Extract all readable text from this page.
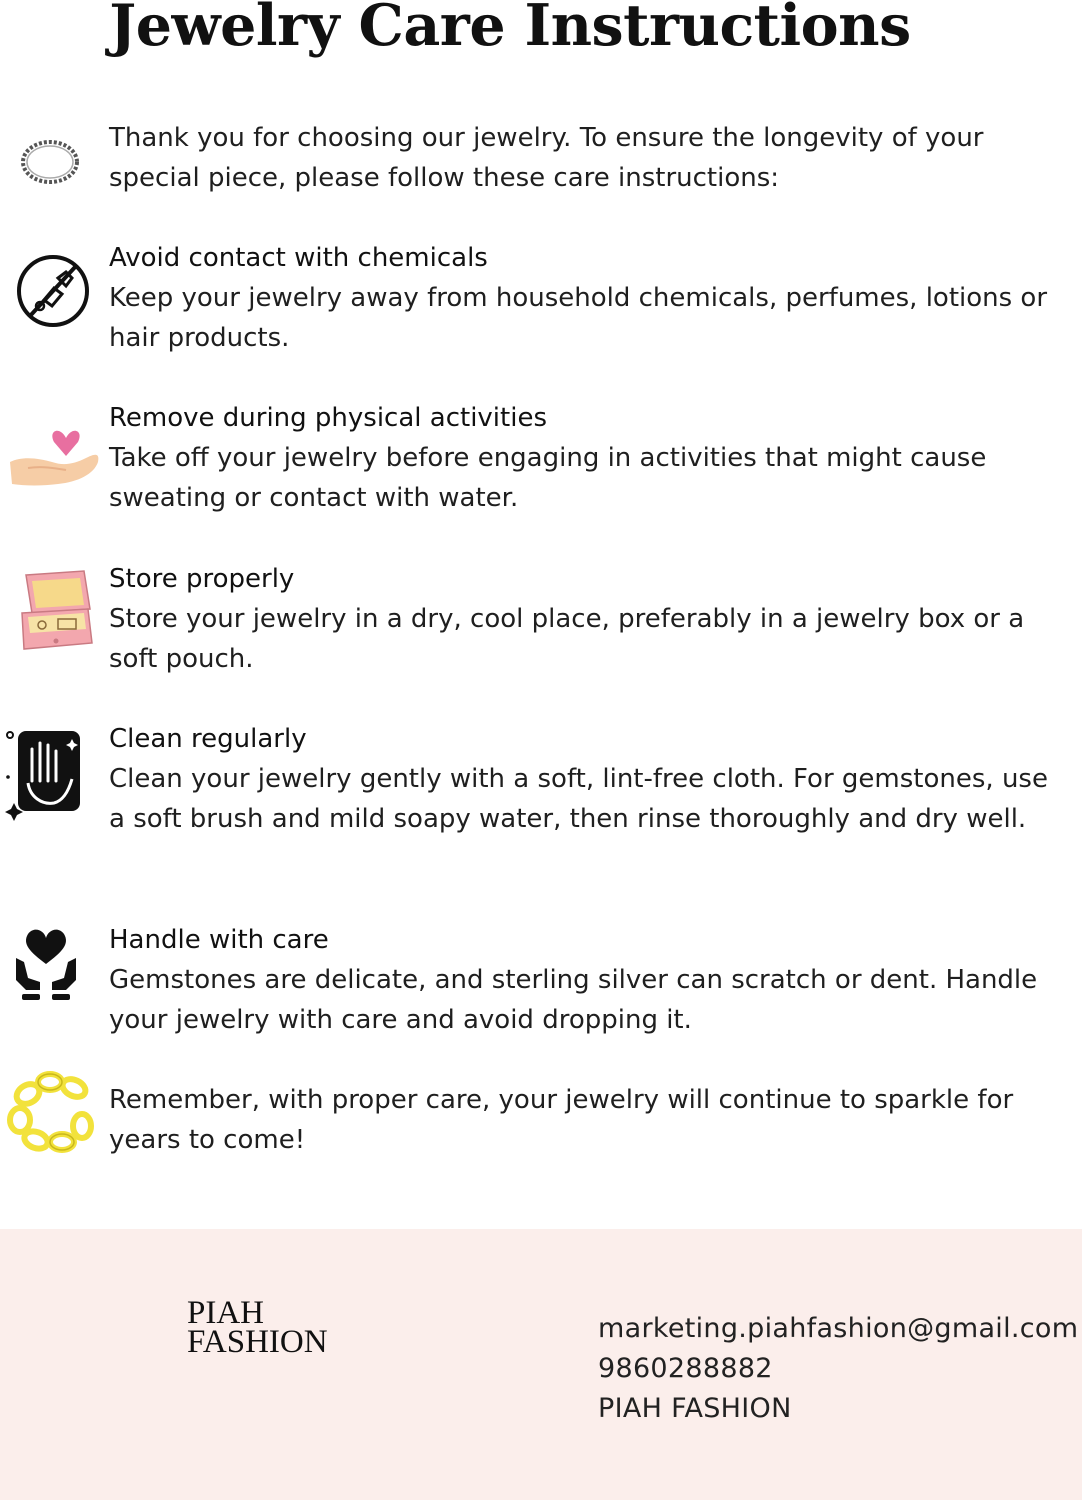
Jewelry Care Instructions
Thank you for choosing our jewelry. To ensure the longevity of your special piece, please follow these care instructions:
Avoid contact with chemicals
Keep your jewelry away from household chemicals, perfumes, lotions or hair products.
Remove during physical activities
Take off your jewelry before engaging in activities that might cause sweating or contact with water.
Store properly
Store your jewelry in a dry, cool place, preferably in a jewelry box or a soft pouch.
Clean regularly
Clean your jewelry gently with a soft, lint-free cloth. For gemstones, use a soft brush and mild soapy water, then rinse thoroughly and dry well.
Handle with care
Gemstones are delicate, and sterling silver can scratch or dent. Handle your jewelry with care and avoid dropping it.
Remember, with proper care, your jewelry will continue to sparkle for years to come!
PIAH
FASHION	marketing.piahfashion@gmail.com
9860288882
PIAH FASHION
